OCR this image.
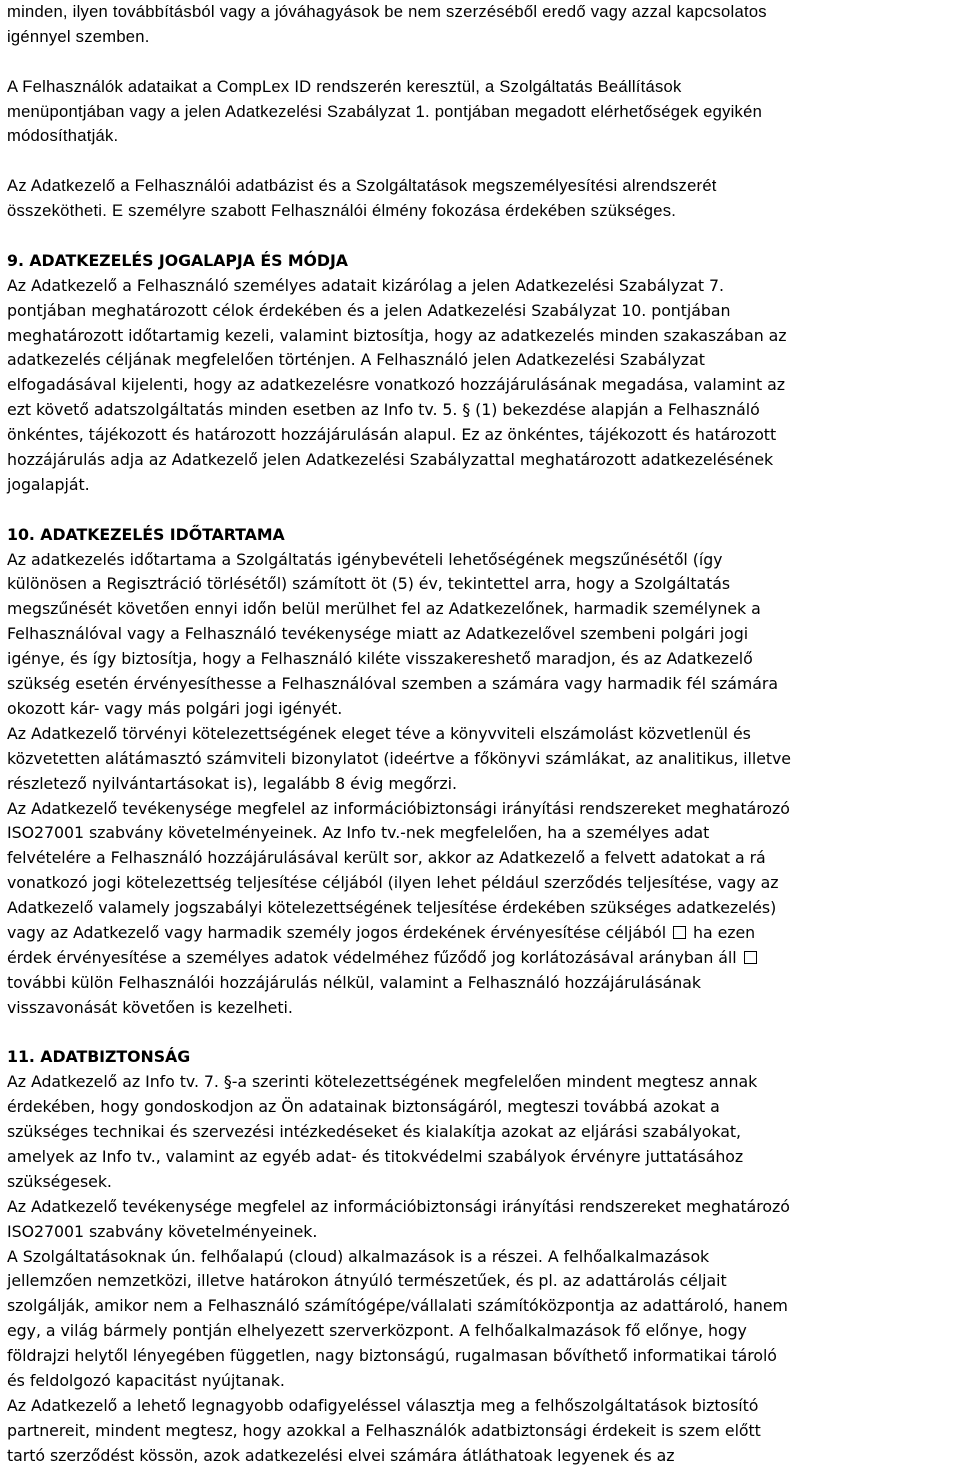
minden, ilyen továbbításból vagy a jóváhagyások be nem szerzéséből eredő vagy azzal kapcsolatos
igénnyel szemben.
A Felhasználók adataikat a CompLex ID rendszerén keresztül, a Szolgáltatás Beállítások
menüpontjában vagy a jelen Adatkezelési Szabályzat 1. pontjában megadott elérhetőségek egyikén
módosíthatják.
Az Adatkezelő a Felhasználói adatbázist és a Szolgáltatások megszemélyesítési alrendszerét
összekötheti. E személyre szabott Felhasználói élmény fokozása érdekében szükséges.
9. ADATKEZELÉS JOGALAPJA ÉS MÓDJA
Az Adatkezelő a Felhasználó személyes adatait kizárólag a jelen Adatkezelési Szabályzat 7.
pontjában meghatározott célok érdekében és a jelen Adatkezelési Szabályzat 10. pontjában
meghatározott időtartamig kezeli, valamint biztosítja, hogy az adatkezelés minden szakaszában az
adatkezelés céljának megfelelően történjen. A Felhasználó jelen Adatkezelési Szabályzat
elfogadásával kijelenti, hogy az adatkezelésre vonatkozó hozzájárulásának megadása, valamint az
ezt követő adatszolgáltatás minden esetben az Info tv. 5. § (1) bekezdése alapján a Felhasználó
önkéntes, tájékozott és határozott hozzájárulásán alapul. Ez az önkéntes, tájékozott és határozott
hozzájárulás adja az Adatkezelő jelen Adatkezelési Szabályzattal meghatározott adatkezelésének
jogalapját.
10. ADATKEZELÉS IDŐTARTAMA
Az adatkezelés időtartama a Szolgáltatás igénybevételi lehetőségének megszűnésétől (így
különösen a Regisztráció törlésétől) számított öt (5) év, tekintettel arra, hogy a Szolgáltatás
megszűnését követően ennyi időn belül merülhet fel az Adatkezelőnek, harmadik személynek a
Felhasználóval vagy a Felhasználó tevékenysége miatt az Adatkezelővel szembeni polgári jogi
igénye, és így biztosítja, hogy a Felhasználó kiléte visszakereshető maradjon, és az Adatkezelő
szükség esetén érvényesíthesse a Felhasználóval szemben a számára vagy harmadik fél számára
okozott kár- vagy más polgári jogi igényét.
Az Adatkezelő törvényi kötelezettségének eleget téve a könyvviteli elszámolást közvetlenül és
közvetetten alátámasztó számviteli bizonylatot (ideértve a főkönyvi számlákat, az analitikus, illetve
részletező nyilvántartásokat is), legalább 8 évig megőrzi.
Az Adatkezelő tevékenysége megfelel az információbiztonsági irányítási rendszereket meghatározó
ISO27001 szabvány követelményeinek. Az Info tv.-nek megfelelően, ha a személyes adat
felvételére a Felhasználó hozzájárulásával került sor, akkor az Adatkezelő a felvett adatokat a rá
vonatkozó jogi kötelezettség teljesítése céljából (ilyen lehet például szerződés teljesítése, vagy az
Adatkezelő valamely jogszabályi kötelezettségének teljesítése érdekében szükséges adatkezelés)
vagy az Adatkezelő vagy harmadik személy jogos érdekének érvényesítése céljából  ha ezen
érdek érvényesítése a személyes adatok védelméhez fűződő jog korlátozásával arányban áll
további külön Felhasználói hozzájárulás nélkül, valamint a Felhasználó hozzájárulásának
visszavonását követően is kezelheti.
11. ADATBIZTONSÁG
Az Adatkezelő az Info tv. 7. §-a szerinti kötelezettségének megfelelően mindent megtesz annak
érdekében, hogy gondoskodjon az Ön adatainak biztonságáról, megteszi továbbá azokat a
szükséges technikai és szervezési intézkedéseket és kialakítja azokat az eljárási szabályokat,
amelyek az Info tv., valamint az egyéb adat- és titokvédelmi szabályok érvényre juttatásához
szükségesek.
Az Adatkezelő tevékenysége megfelel az információbiztonsági irányítási rendszereket meghatározó
ISO27001 szabvány követelményeinek.
A Szolgáltatásoknak ún. felhőalapú (cloud) alkalmazások is a részei. A felhőalkalmazások
jellemzően nemzetközi, illetve határokon átnyúló természetűek, és pl. az adattárolás céljait
szolgálják, amikor nem a Felhasználó számítógépe/vállalati számítóközpontja az adattároló, hanem
egy, a világ bármely pontján elhelyezett szerverközpont. A felhőalkalmazások fő előnye, hogy
földrajzi helytől lényegében független, nagy biztonságú, rugalmasan bővíthető informatikai tároló
és feldolgozó kapacitást nyújtanak.
Az Adatkezelő a lehető legnagyobb odafigyeléssel választja meg a felhőszolgáltatások biztosító
partnereit, mindent megtesz, hogy azokkal a Felhasználók adatbiztonsági érdekeit is szem előtt
tartó szerződést kössön, azok adatkezelési elvei számára átláthatoak legyenek és az
